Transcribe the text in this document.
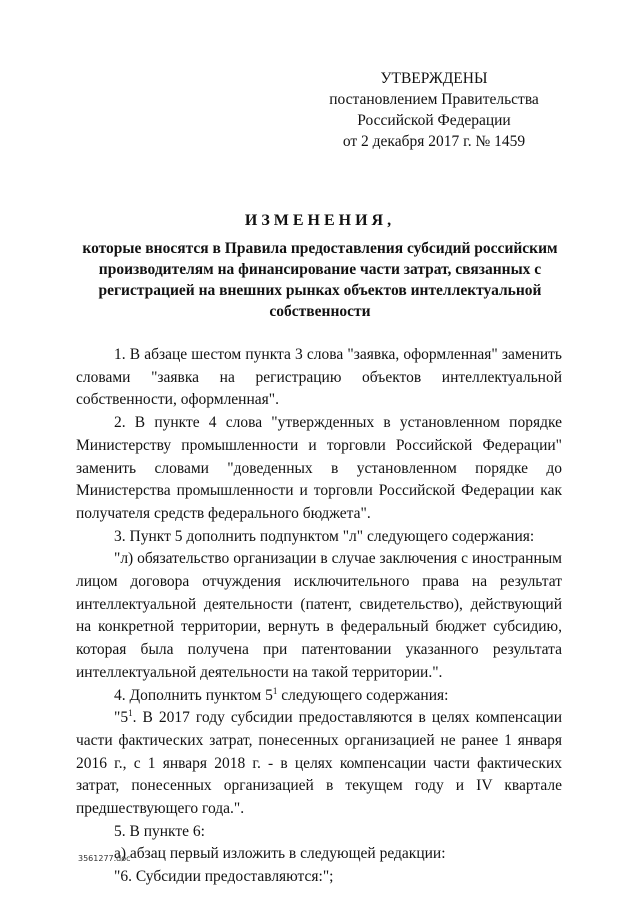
УТВЕРЖДЕНЫ
постановлением Правительства
Российской Федерации
от 2 декабря 2017 г. № 1459
ИЗМЕНЕНИЯ,
которые вносятся в Правила предоставления субсидий российским производителям на финансирование части затрат, связанных с регистрацией на внешних рынках объектов интеллектуальной собственности

1. В абзаце шестом пункта 3 слова "заявка, оформленная" заменить словами "заявка на регистрацию объектов интеллектуальной собственности, оформленная".

2. В пункте 4 слова "утвержденных в установленном порядке Министерству промышленности и торговли Российской Федерации" заменить словами "доведенных в установленном порядке до Министерства промышленности и торговли Российской Федерации как получателя средств федерального бюджета".

3. Пункт 5 дополнить подпунктом "л" следующего содержания:

"л) обязательство организации в случае заключения с иностранным лицом договора отчуждения исключительного права на результат интеллектуальной деятельности (патент, свидетельство), действующий на конкретной территории, вернуть в федеральный бюджет субсидию, которая была получена при патентовании указанного результата интеллектуальной деятельности на такой территории.".

4. Дополнить пунктом $5^1$ следующего содержания:

"$5^1$. В 2017 году субсидии предоставляются в целях компенсации части фактических затрат, понесенных организацией не ранее 1 января 2016 г., с 1 января 2018 г. - в целях компенсации части фактических затрат, понесенных организацией в текущем году и IV квартале предшествующего года.".

5. В пункте 6:

а) абзац первый изложить в следующей редакции:

"6. Субсидии предоставляются:";

3561277.doc
